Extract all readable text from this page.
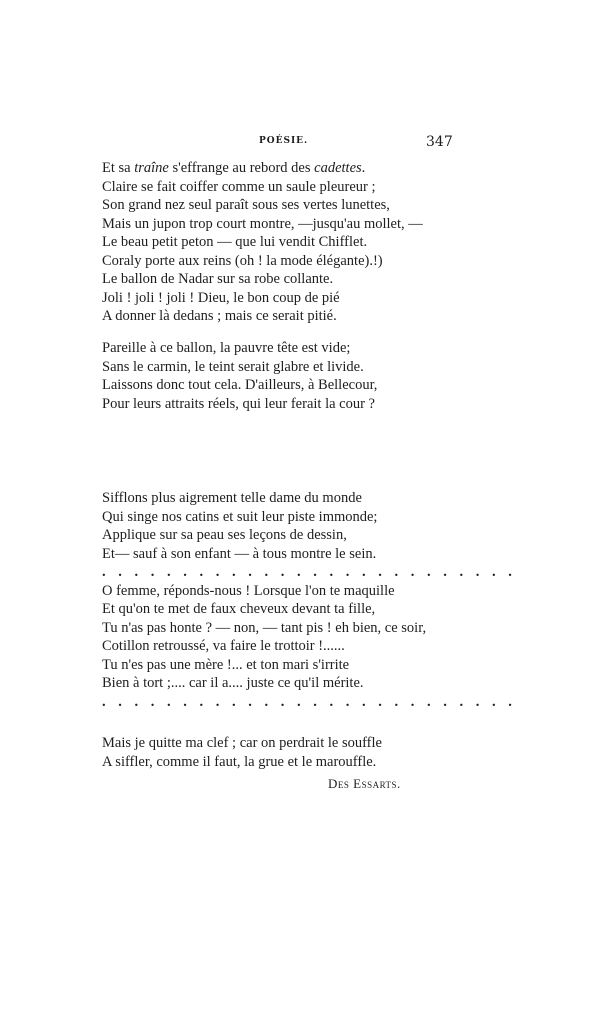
POÉSIE.	347
Et sa traîne s'effrange au rebord des cadettes.
Claire se fait coiffer comme un saule pleureur ;
Son grand nez seul paraît sous ses vertes lunettes,
Mais un jupon trop court montre, —jusqu'au mollet, —
Le beau petit peton — que lui vendit Chifflet.
Coraly porte aux reins (oh ! la mode élégante).!)
Le ballon de Nadar sur sa robe collante.
Joli ! joli ! joli ! Dieu, le bon coup de pié
A donner là dedans ; mais ce serait pitié.
Pareille à ce ballon, la pauvre tête est vide;
Sans le carmin, le teint serait glabre et livide.
Laissons donc tout cela. D'ailleurs, à Bellecour,
Pour leurs attraits réels, qui leur ferait la cour ?
Sifflons plus aigrement telle dame du monde
Qui singe nos catins et suit leur piste immonde;
Applique sur sa peau ses leçons de dessin,
Et— sauf à son enfant — à tous montre le sein.
. . . . . . . . . . . . . . . . . . . . . . . . . .
O femme, réponds-nous ! Lorsque l'on te maquille
Et qu'on te met de faux cheveux devant ta fille,
Tu n'as pas honte ? — non, — tant pis ! eh bien, ce soir,
Cotillon retroussé, va faire le trottoir !......
Tu n'es pas une mère !... et ton mari s'irrite
Bien à tort ;.... car il a.... juste ce qu'il mérite.
. . . . . . . . . . . . . . . . . . . . . . . . . .
Mais je quitte ma clef ; car on perdrait le souffle
A siffler, comme il faut, la grue et le marouffle.
Des Essarts.
